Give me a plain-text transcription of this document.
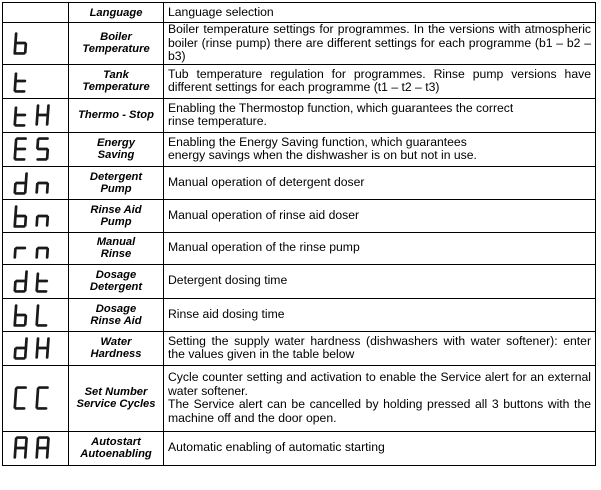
	Language	Language selection

Boiler
Temperature	Boiler temperature settings for programmes. In the versions with atmospheric boiler (rinse pump) there are different settings for each programme (b1 – b2 – b3)

Tank
Temperature	Tub temperature regulation for programmes. Rinse pump versions have different settings for each programme (t1 – t2 – t3)

Thermo - Stop	Enabling the Thermostop function, which guarantees the correct
rinse temperature.

Energy
Saving	Enabling the Energy Saving function, which guarantees
energy savings when the dishwasher is on but not in use.

Detergent
Pump	Manual operation of detergent doser

Rinse Aid
Pump	Manual operation of rinse aid doser

Manual
Rinse	Manual operation of the rinse pump

Dosage
Detergent	Detergent dosing time

Dosage
Rinse Aid	Rinse aid dosing time

Water
Hardness	Setting the supply water hardness (dishwashers with water softener): enter the values given in the table below

Set Number
Service Cycles	Cycle counter setting and activation to enable the Service alert for an external water softener.
The Service alert can be cancelled by holding pressed all 3 buttons with the machine off and the door open.

Autostart
Autoenabling	Automatic enabling of automatic starting
